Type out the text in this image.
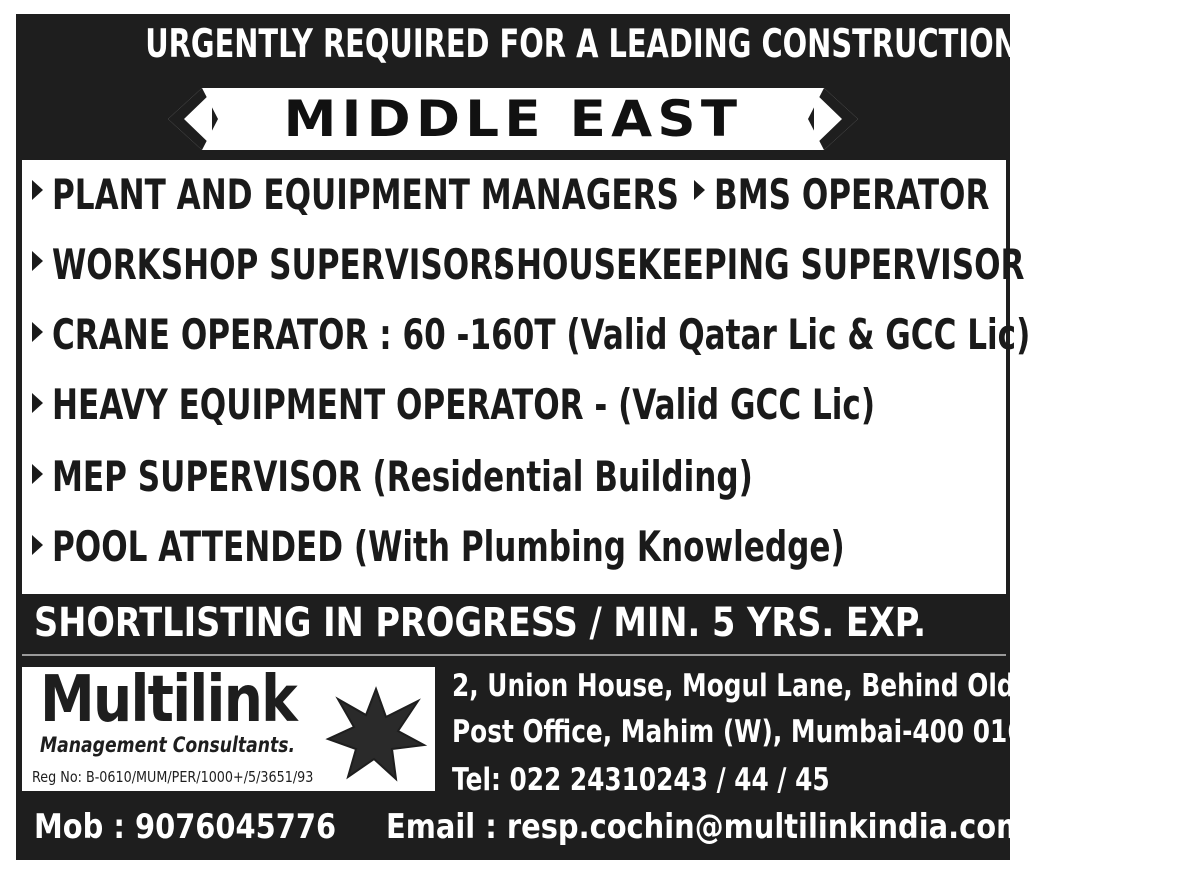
URGENTLY REQUIRED FOR A LEADING CONSTRUCTION COMPANY
MIDDLE EAST
PLANT AND EQUIPMENT MANAGERS BMS OPERATOR
WORKSHOP SUPERVISORS HOUSEKEEPING SUPERVISOR
CRANE OPERATOR : 60 -160T (Valid Qatar Lic & GCC Lic)
HEAVY EQUIPMENT OPERATOR - (Valid GCC Lic)
MEP SUPERVISOR (Residential Building)
POOL ATTENDED (With Plumbing Knowledge)
SHORTLISTING IN PROGRESS / MIN. 5 YRS. EXP.
Multilink
Management Consultants.
Reg No: B-0610/MUM/PER/1000+/5/3651/93
2, Union House, Mogul Lane, Behind Old
Post Office, Mahim (W), Mumbai-400 016
Tel: 022 24310243 / 44 / 45
Mob : 9076045776 Email : resp.cochin@multilinkindia.com
